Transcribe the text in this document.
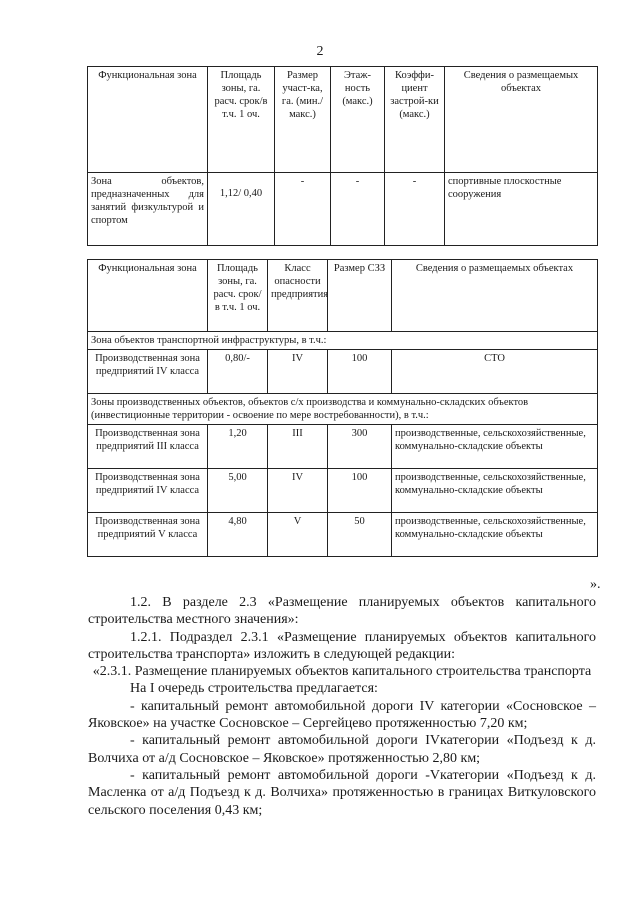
2
Функциональная зона	Площадь зоны, га. расч. срок/в т.ч. 1 оч.	Размер участ-ка, га. (мин./ макс.)	Этаж-ность (макс.)	Коэффи-циент застрой-ки (макс.)	Сведения о размещаемых объектах
Зона объектов, предназначенных для занятий физкультурой и спортом	1,12/ 0,40	-	-	-	спортивные плоскостные сооружения
Функциональная зона	Площадь зоны, га. расч. срок/в т.ч. 1 оч.	Класс опасности предприятия	Размер СЗЗ	Сведения о размещаемых объектах
Зона объектов транспортной инфраструктуры, в т.ч.:				
Производственная зона предприятий IV класса	0,80/-	IV	100	СТО
Зоны производственных объектов, объектов с/х производства и коммунально-складских объектов (инвестиционные территории - освоение по мере востребованности), в т.ч.:				
Производственная зона предприятий III класса	1,20	III	300	производственные, сельскохозяйственные, коммунально-складские объекты
Производственная зона предприятий IV класса	5,00	IV	100	производственные, сельскохозяйственные, коммунально-складские объекты
Производственная зона предприятий V класса	4,80	V	50	производственные, сельскохозяйственные, коммунально-складские объекты
».

1.2. В разделе 2.3 «Размещение планируемых объектов капитального строительства местного значения»:

1.2.1. Подраздел 2.3.1 «Размещение планируемых объектов капитального строительства транспорта» изложить в следующей редакции:

«2.3.1. Размещение планируемых объектов капитального строительства транспорта

На I очередь строительства предлагается:

- капитальный ремонт автомобильной дороги IV категории «Сосновское – Яковское» на участке Сосновское – Сергейцево протяженностью 7,20 км;

- капитальный ремонт автомобильной дороги IVкатегории «Подъезд к д. Волчиха от а/д Сосновское – Яковское» протяженностью 2,80 км;

- капитальный ремонт автомобильной дороги -Vкатегории «Подъезд к д. Масленка от а/д Подъезд к д. Волчиха» протяженностью в границах Виткуловского сельского поселения 0,43 км;
